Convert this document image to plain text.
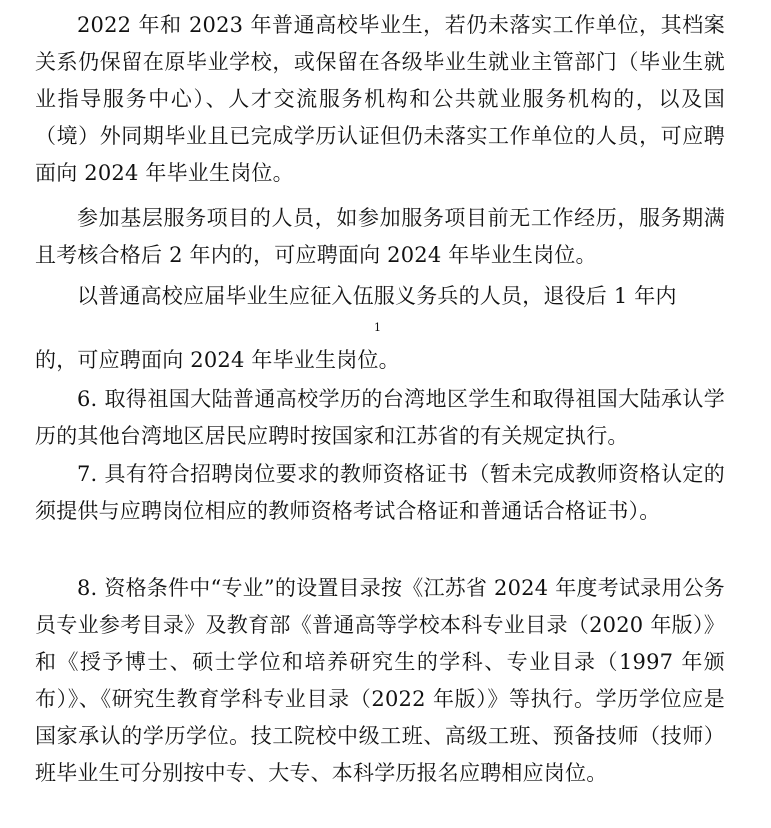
2022 年和 2023 年普通高校毕业生，若仍未落实工作单位，其档案关系仍保留在原毕业学校，或保留在各级毕业生就业主管部门（毕业生就业指导服务中心）、人才交流服务机构和公共就业服务机构的，以及国（境）外同期毕业且已完成学历认证但仍未落实工作单位的人员，可应聘面向 2024 年毕业生岗位。

参加基层服务项目的人员，如参加服务项目前无工作经历，服务期满且考核合格后 2 年内的，可应聘面向 2024 年毕业生岗位。

以普通高校应届毕业生应征入伍服义务兵的人员，退役后 1 年内
的，可应聘面向 2024 年毕业生岗位。

1

6. 取得祖国大陆普通高校学历的台湾地区学生和取得祖国大陆承认学历的其他台湾地区居民应聘时按国家和江苏省的有关规定执行。

7. 具有符合招聘岗位要求的教师资格证书（暂未完成教师资格认定的须提供与应聘岗位相应的教师资格考试合格证和普通话合格证书）。

8. 资格条件中“专业”的设置目录按《江苏省 2024 年度考试录用公务员专业参考目录》及教育部《普通高等学校本科专业目录（2020 年版）》和《授予博士、硕士学位和培养研究生的学科、专业目录（1997 年颁布）》、《研究生教育学科专业目录（2022 年版）》等执行。学历学位应是国家承认的学历学位。技工院校中级工班、高级工班、预备技师（技师）班毕业生可分别按中专、大专、本科学历报名应聘相应岗位。
